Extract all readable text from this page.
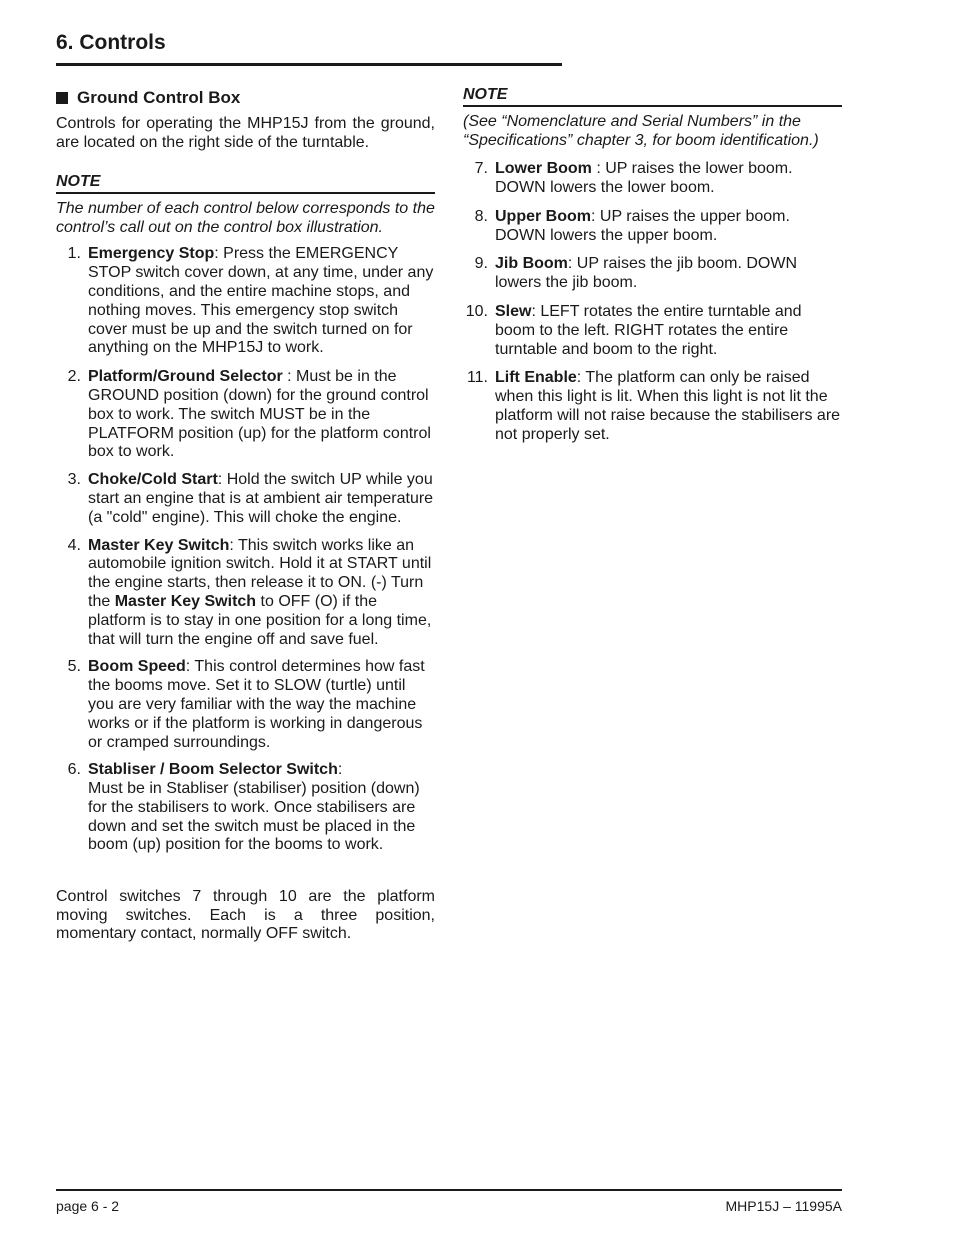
6. Controls
Ground Control Box

Controls for operating the MHP15J from the ground, are located on the right side of the turntable.

NOTE

The number of each control below corresponds to the control’s call out on the control box illustration.

1. Emergency Stop: Press the EMERGENCY STOP switch cover down, at any time, under any conditions, and the entire machine stops, and nothing moves. This emergency stop switch cover must be up and the switch turned on for anything on the MHP15J to work.
2. Platform/Ground Selector : Must be in the GROUND position (down) for the ground control box to work. The switch MUST be in the PLATFORM position (up) for the platform control box to work.
3. Choke/Cold Start: Hold the switch UP while you start an engine that is at ambient air temperature (a "cold" engine). This will choke the engine.
4. Master Key Switch: This switch works like an automobile ignition switch. Hold it at START until the engine starts, then release it to ON. (-) Turn the Master Key Switch to OFF (O) if the platform is to stay in one position for a long time, that will turn the engine off and save fuel.
5. Boom Speed: This control determines how fast the booms move. Set it to SLOW (turtle) until you are very familiar with the way the machine works or if the platform is working in dangerous or cramped surroundings.
6. Stabliser / Boom Selector Switch:
Must be in Stabliser (stabiliser) position (down) for the stabilisers to work. Once stabilisers are down and set the switch must be placed in the boom (up) position for the booms to work.

Control switches 7 through 10 are the platform moving switches. Each is a three position, momentary contact, normally OFF switch.

NOTE

(See “Nomenclature and Serial Numbers” in the “Specifications” chapter 3, for boom identification.)

7. Lower Boom : UP raises the lower boom. DOWN lowers the lower boom.
8. Upper Boom: UP raises the upper boom. DOWN lowers the upper boom.
9. Jib Boom: UP raises the jib boom. DOWN lowers the jib boom.
10. Slew: LEFT rotates the entire turntable and boom to the left. RIGHT rotates the entire turntable and boom to the right.
11. Lift Enable: The platform can only be raised when this light is lit. When this light is not lit the platform will not raise because the stabilisers are not properly set.
page 6 - 2	MHP15J – 11995A
